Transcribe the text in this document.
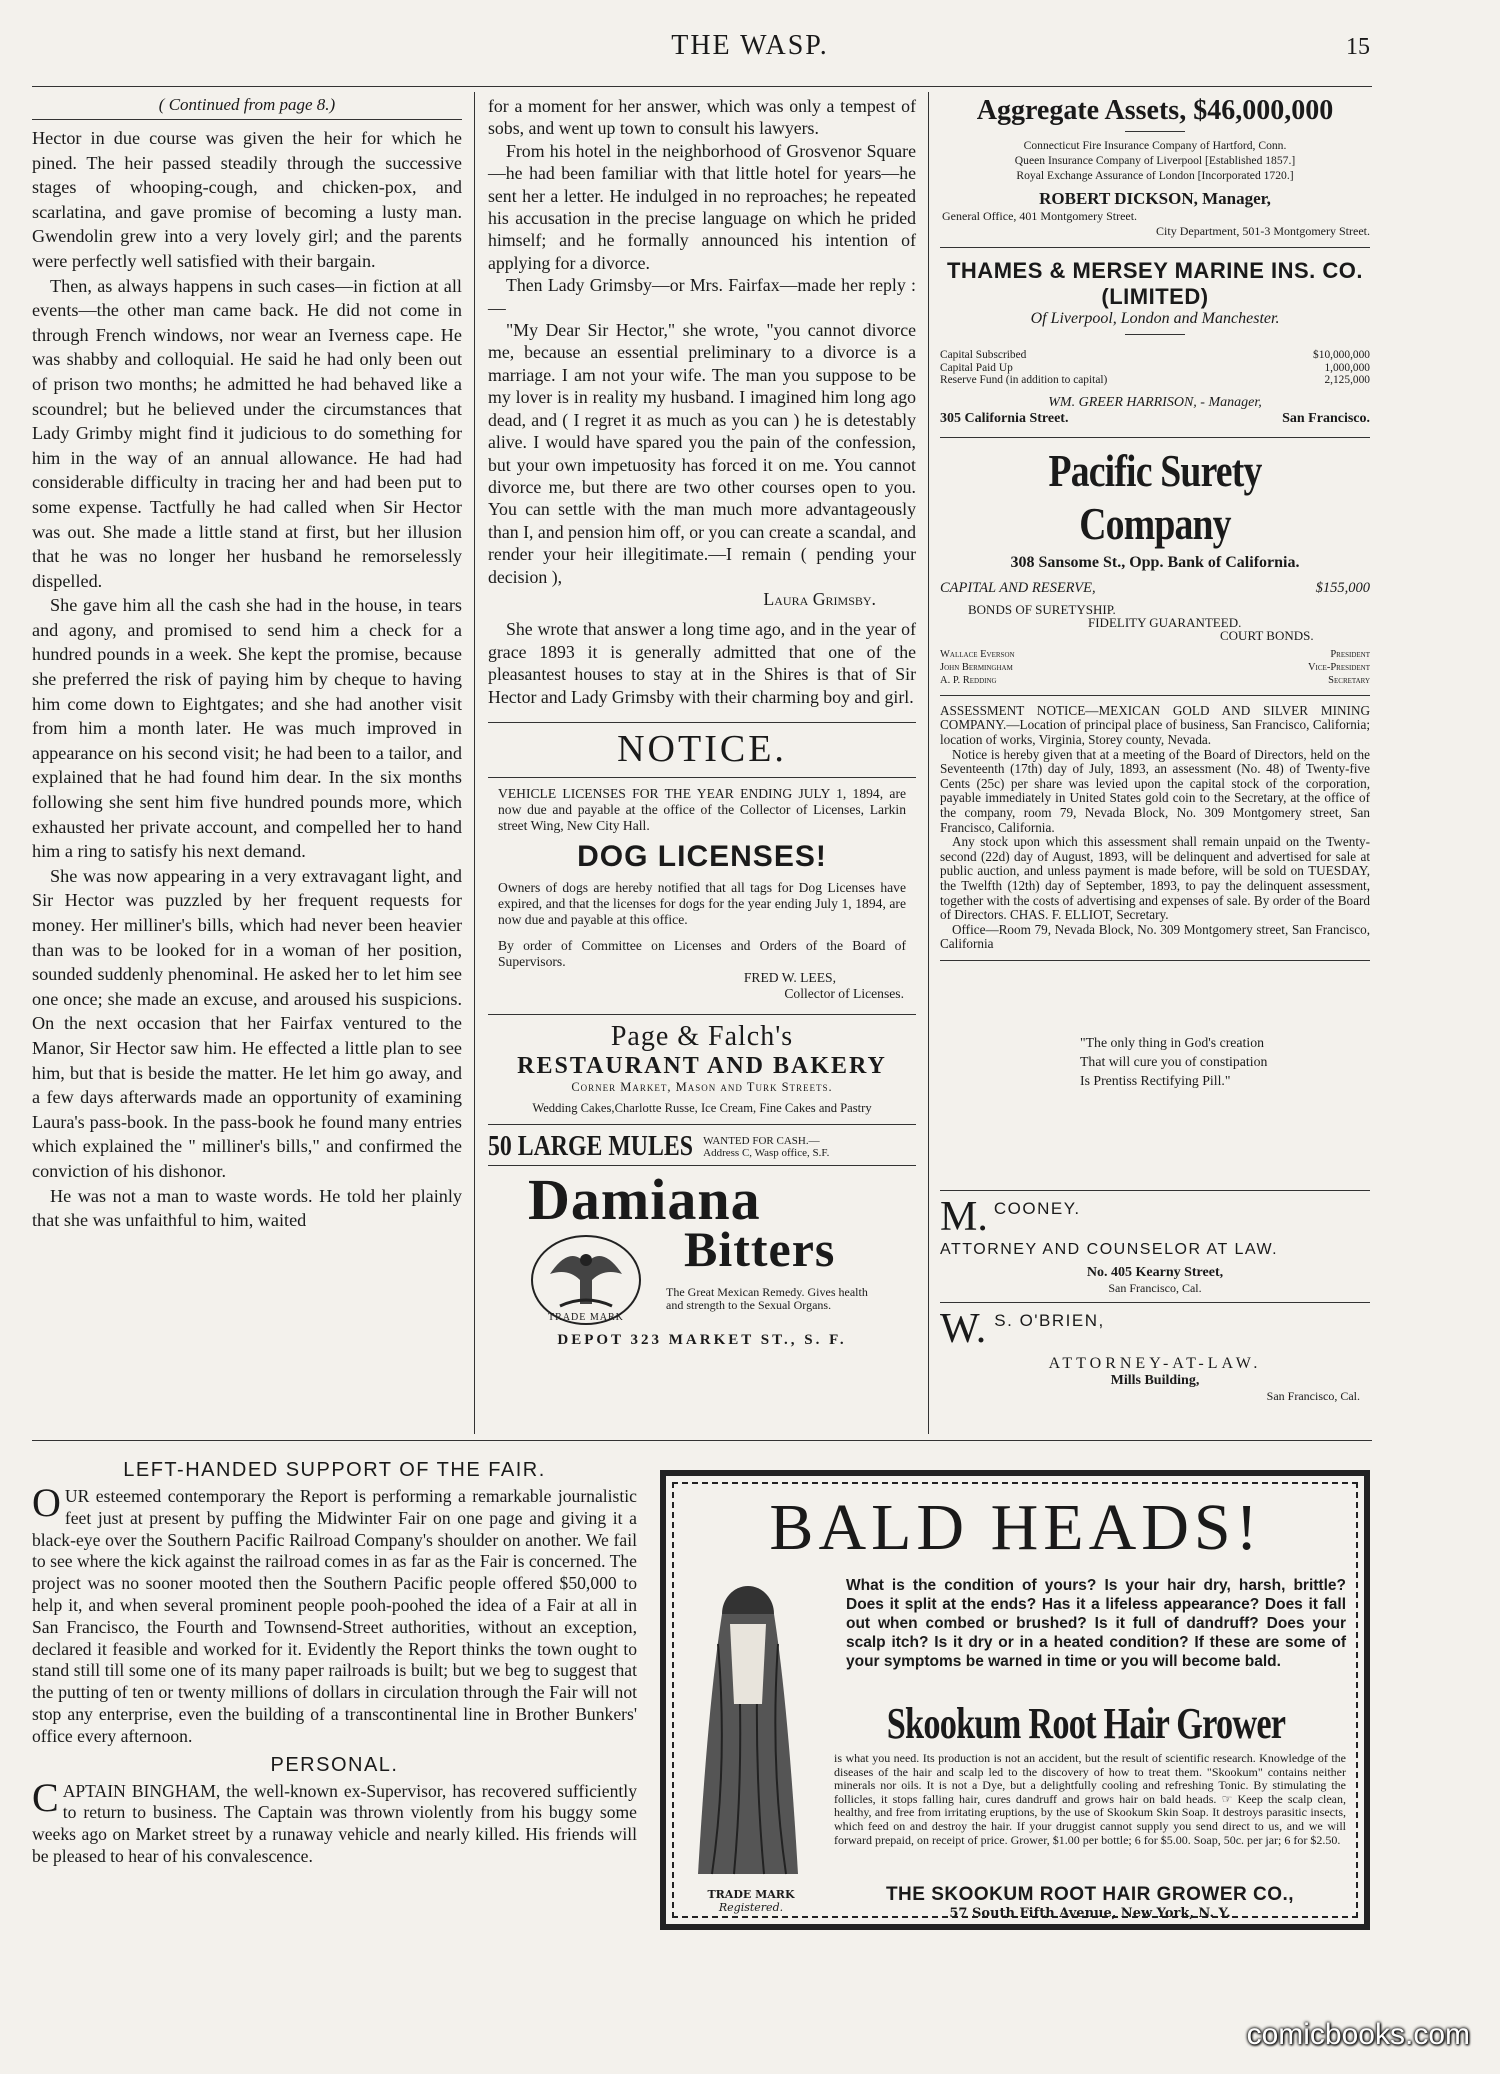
THE WASP.	15
( Continued from page 8.)

Hector in due course was given the heir for which he pined. The heir passed steadily through the successive stages of whooping-cough, and chicken-pox, and scarlatina, and gave promise of becoming a lusty man. Gwendolin grew into a very lovely girl; and the parents were perfectly well satisfied with their bargain.

Then, as always happens in such cases—in fiction at all events—the other man came back. He did not come in through French windows, nor wear an Iverness cape. He was shabby and colloquial. He said he had only been out of prison two months; he admitted he had behaved like a scoundrel; but he believed under the circumstances that Lady Grimby might find it judicious to do something for him in the way of an annual allowance. He had had considerable difficulty in tracing her and had been put to some expense. Tactfully he had called when Sir Hector was out. She made a little stand at first, but her illusion that he was no longer her husband he remorselessly dispelled.

She gave him all the cash she had in the house, in tears and agony, and promised to send him a check for a hundred pounds in a week. She kept the promise, because she preferred the risk of paying him by cheque to having him come down to Eightgates; and she had another visit from him a month later. He was much improved in appearance on his second visit; he had been to a tailor, and explained that he had found him dear. In the six months following she sent him five hundred pounds more, which exhausted her private account, and compelled her to hand him a ring to satisfy his next demand.

She was now appearing in a very extravagant light, and Sir Hector was puzzled by her frequent requests for money. Her milliner's bills, which had never been heavier than was to be looked for in a woman of her position, sounded suddenly phenominal. He asked her to let him see one once; she made an excuse, and aroused his suspicions. On the next occasion that her Fairfax ventured to the Manor, Sir Hector saw him. He effected a little plan to see him, but that is beside the matter. He let him go away, and a few days afterwards made an opportunity of examining Laura's pass-book. In the pass-book he found many entries which explained the " milliner's bills," and confirmed the conviction of his dishonor.

He was not a man to waste words. He told her plainly that she was unfaithful to him, waited

for a moment for her answer, which was only a tempest of sobs, and went up town to consult his lawyers.

From his hotel in the neighborhood of Grosvenor Square—he had been familiar with that little hotel for years—he sent her a letter. He indulged in no reproaches; he repeated his accusation in the precise language on which he prided himself; and he formally announced his intention of applying for a divorce.

Then Lady Grimsby—or Mrs. Fairfax—made her reply :—

"My Dear Sir Hector," she wrote, "you cannot divorce me, because an essential preliminary to a divorce is a marriage. I am not your wife. The man you suppose to be my lover is in reality my husband. I imagined him long ago dead, and ( I regret it as much as you can ) he is detestably alive. I would have spared you the pain of the confession, but your own impetuosity has forced it on me. You cannot divorce me, but there are two other courses open to you. You can settle with the man much more advantageously than I, and pension him off, or you can create a scandal, and render your heir illegitimate.—I remain ( pending your decision ),

Laura Grimsby.

She wrote that answer a long time ago, and in the year of grace 1893 it is generally admitted that one of the pleasantest houses to stay at in the Shires is that of Sir Hector and Lady Grimsby with their charming boy and girl.

NOTICE.
VEHICLE LICENSES FOR THE YEAR ENDING JULY 1, 1894, are now due and payable at the office of the Collector of Licenses, Larkin street Wing, New City Hall.
DOG LICENSES!
Owners of dogs are hereby notified that all tags for Dog Licenses have expired, and that the licenses for dogs for the year ending July 1, 1894, are now due and payable at this office.
By order of Committee on Licenses and Orders of the Board of Supervisors.
FRED W. LEES,
Collector of Licenses.
Page & Falch's
RESTAURANT AND BAKERY
Corner Market, Mason and Turk Streets.
Wedding Cakes,Charlotte Russe, Ice Cream, Fine Cakes and Pastry
50 LARGE MULES WANTED FOR CASH.—
Address C, Wasp office, S.F.
Damiana
Bitters
TRADE MARK
The Great Mexican Remedy. Gives health and strength to the Sexual Organs.
DEPOT 323 MARKET ST., S. F.
Aggregate Assets, $46,000,000
Connecticut Fire Insurance Company of Hartford, Conn.
Queen Insurance Company of Liverpool [Established 1857.]
Royal Exchange Assurance of London [Incorporated 1720.]
ROBERT DICKSON, Manager,
General Office, 401 Montgomery Street.
City Department, 501-3 Montgomery Street.
THAMES & MERSEY MARINE INS. CO. (LIMITED)
Of Liverpool, London and Manchester.
Capital Subscribed	$10,000,000
Capital Paid Up	1,000,000
Reserve Fund (in addition to capital)	2,125,000
WM. GREER HARRISON, - Manager,
305 California Street.	San Francisco.
Pacific Surety Company
308 Sansome St., Opp. Bank of California.
CAPITAL AND RESERVE,	$155,000
BONDS OF SURETYSHIP.
FIDELITY GUARANTEED.
COURT BONDS.
Wallace Everson	President
John Bermingham	Vice-President
A. P. Redding	Secretary
ASSESSMENT NOTICE—MEXICAN GOLD AND SILVER MINING COMPANY.—Location of principal place of business, San Francisco, California; location of works, Virginia, Storey county, Nevada.
Notice is hereby given that at a meeting of the Board of Directors, held on the Seventeenth (17th) day of July, 1893, an assessment (No. 48) of Twenty-five Cents (25c) per share was levied upon the capital stock of the corporation, payable immediately in United States gold coin to the Secretary, at the office of the company, room 79, Nevada Block, No. 309 Montgomery street, San Francisco, California.
Any stock upon which this assessment shall remain unpaid on the Twenty-second (22d) day of August, 1893, will be delinquent and advertised for sale at public auction, and unless payment is made before, will be sold on TUESDAY, the Twelfth (12th) day of September, 1893, to pay the delinquent assessment, together with the costs of advertising and expenses of sale. By order of the Board of Directors. CHAS. F. ELLIOT, Secretary.
Office—Room 79, Nevada Block, No. 309 Montgomery street, San Francisco, California
"The only thing in God's creation
That will cure you of constipation
Is Prentiss Rectifying Pill."
M. COONEY.
ATTORNEY AND COUNSELOR AT LAW.
No. 405 Kearny Street,
San Francisco, Cal.
W. S. O'BRIEN,
ATTORNEY-AT-LAW.
Mills Building,
San Francisco, Cal.
LEFT-HANDED SUPPORT OF THE FAIR.

OUR esteemed contemporary the Report is performing a remarkable journalistic feet just at present by puffing the Midwinter Fair on one page and giving it a black-eye over the Southern Pacific Railroad Company's shoulder on another. We fail to see where the kick against the railroad comes in as far as the Fair is concerned. The project was no sooner mooted then the Southern Pacific people offered $50,000 to help it, and when several prominent people pooh-poohed the idea of a Fair at all in San Francisco, the Fourth and Townsend-Street authorities, without an exception, declared it feasible and worked for it. Evidently the Report thinks the town ought to stand still till some one of its many paper railroads is built; but we beg to suggest that the putting of ten or twenty millions of dollars in circulation through the Fair will not stop any enterprise, even the building of a transcontinental line in Brother Bunkers' office every afternoon.

PERSONAL.

CAPTAIN BINGHAM, the well-known ex-Supervisor, has recovered sufficiently to return to business. The Captain was thrown violently from his buggy some weeks ago on Market street by a runaway vehicle and nearly killed. His friends will be pleased to hear of his convalescence.

BALD HEADS!
TRADE MARK
Registered.
What is the condition of yours? Is your hair dry, harsh, brittle? Does it split at the ends? Has it a lifeless appearance? Does it fall out when combed or brushed? Is it full of dandruff? Does your scalp itch? Is it dry or in a heated condition? If these are some of your symptoms be warned in time or you will become bald.
Skookum Root Hair Grower
is what you need. Its production is not an accident, but the result of scientific research. Knowledge of the diseases of the hair and scalp led to the discovery of how to treat them. "Skookum" contains neither minerals nor oils. It is not a Dye, but a delightfully cooling and refreshing Tonic. By stimulating the follicles, it stops falling hair, cures dandruff and grows hair on bald heads. ☞ Keep the scalp clean, healthy, and free from irritating eruptions, by the use of Skookum Skin Soap. It destroys parasitic insects, which feed on and destroy the hair. If your druggist cannot supply you send direct to us, and we will forward prepaid, on receipt of price. Grower, $1.00 per bottle; 6 for $5.00. Soap, 50c. per jar; 6 for $2.50.
THE SKOOKUM ROOT HAIR GROWER CO.,
57 South Fifth Avenue, New York, N. Y.
comicbooks.com
